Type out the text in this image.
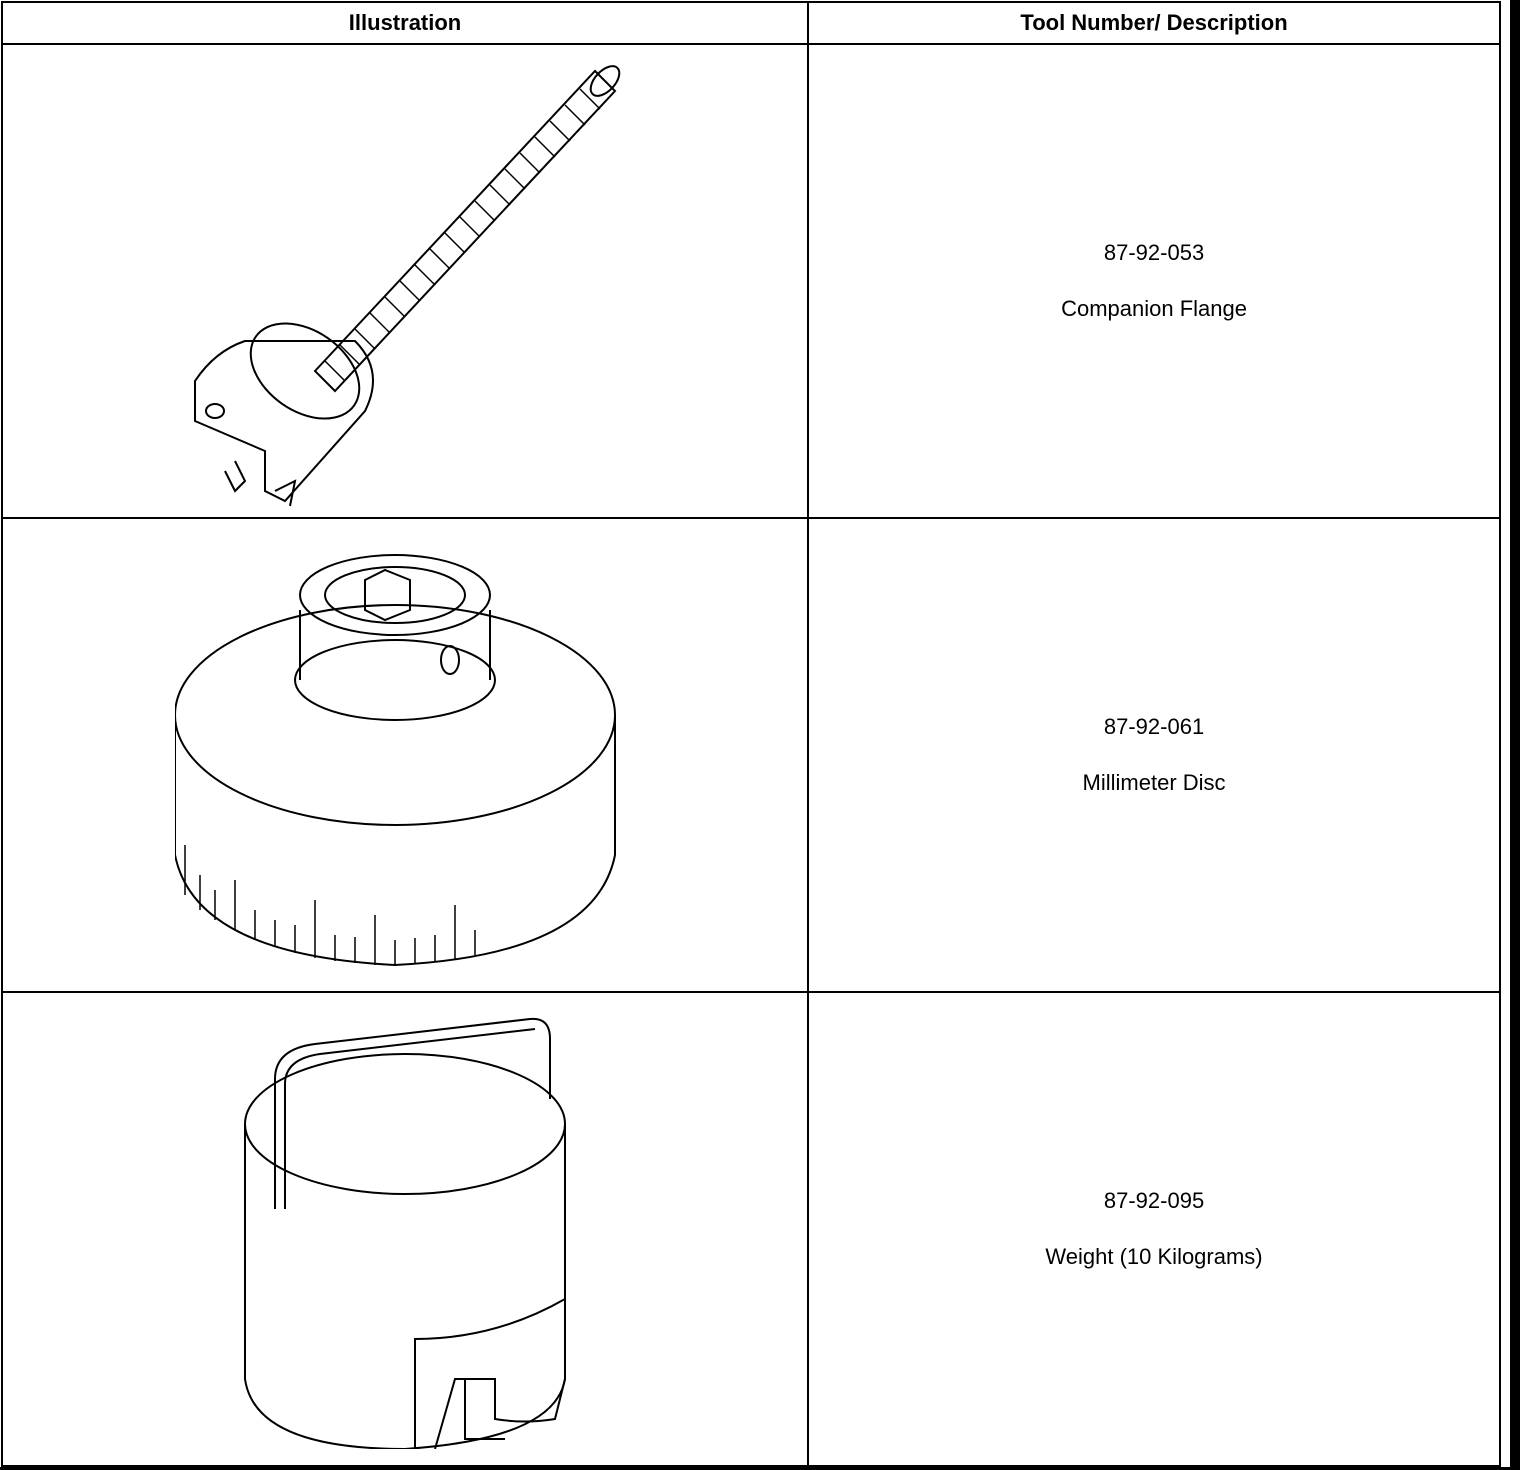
Illustration	Tool Number/ Description

87-92-053
Companion Flange

87-92-061
Millimeter Disc

87-92-095
Weight (10 Kilograms)
